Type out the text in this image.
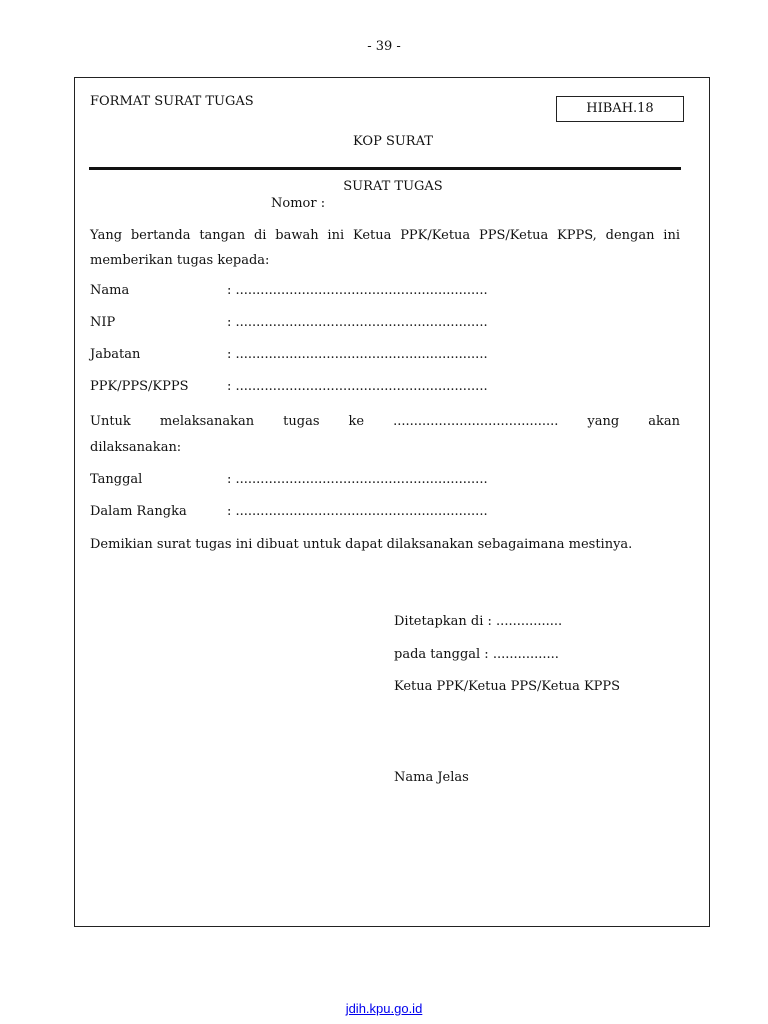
- 39 -
FORMAT SURAT TUGAS	HIBAH.18
KOP SURAT
SURAT TUGAS
Nomor :
Yang bertanda tangan di bawah ini Ketua PPK/Ketua PPS/Ketua KPPS, dengan ini memberikan tugas kepada:
Nama	: .............................................................
NIP	: .............................................................
Jabatan	: .............................................................
PPK/PPS/KPPS	: .............................................................
Untuk melaksanakan tugas ke ........................................ yang akan
dilaksanakan:
Tanggal	: .............................................................
Dalam Rangka	: .............................................................
Demikian surat tugas ini dibuat untuk dapat dilaksanakan sebagaimana mestinya.
Ditetapkan di : ................
pada tanggal : ................
Ketua PPK/Ketua PPS/Ketua KPPS
Nama Jelas
jdih.kpu.go.id
